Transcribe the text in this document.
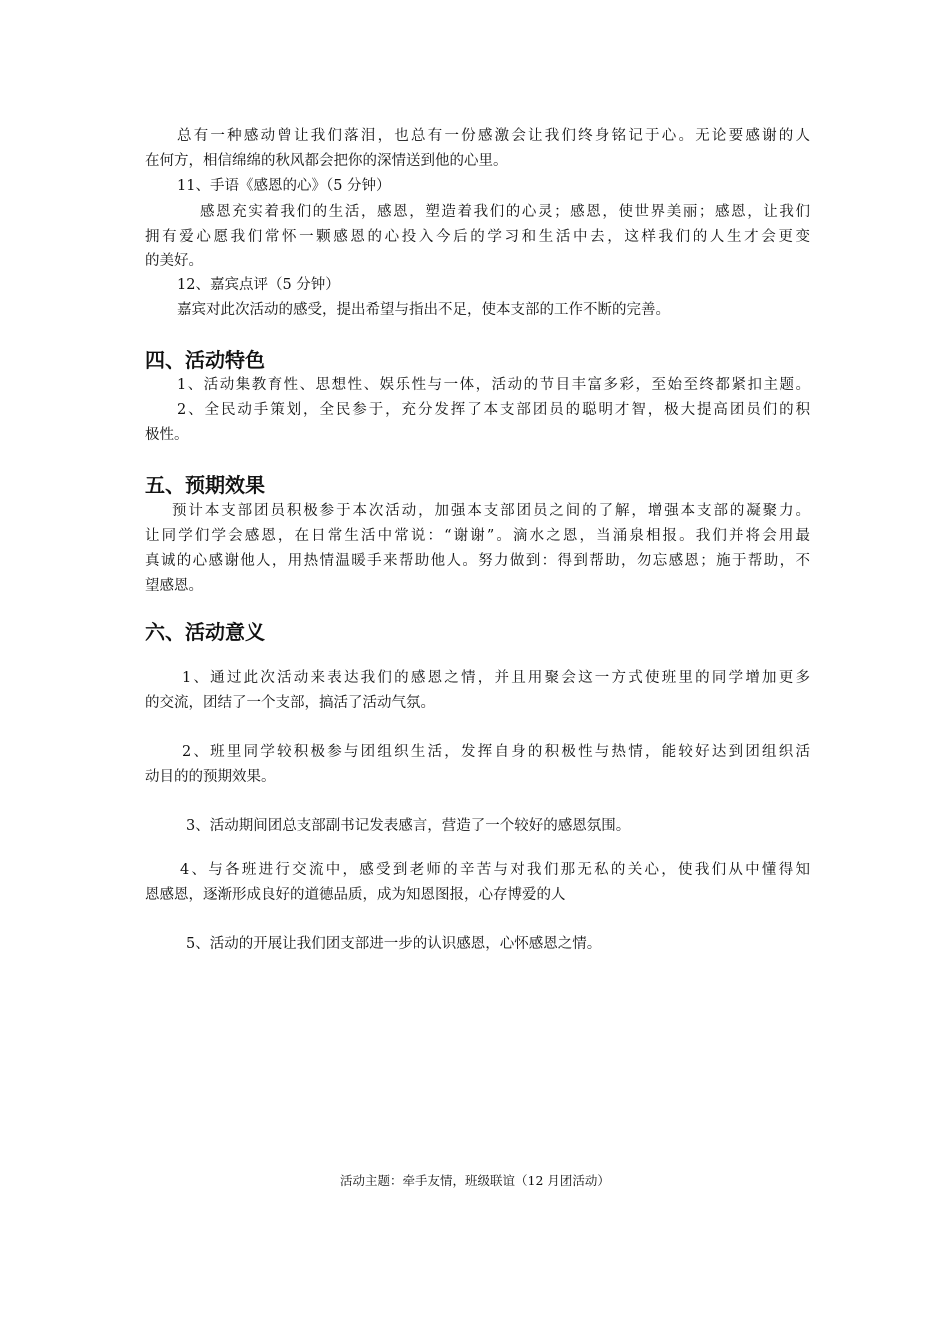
总有一种感动曾让我们落泪，也总有一份感激会让我们终身铭记于心。无论要感谢的人
在何方，相信绵绵的秋风都会把你的深情送到他的心里。
11、手语《感恩的心》（5 分钟）
感恩充实着我们的生活，感恩，塑造着我们的心灵；感恩，使世界美丽；感恩，让我们
拥有爱心愿我们常怀一颗感恩的心投入今后的学习和生活中去，这样我们的人生才会更变
的美好。
12、嘉宾点评（5 分钟）
嘉宾对此次活动的感受，提出希望与指出不足，使本支部的工作不断的完善。
四、活动特色
1、活动集教育性、思想性、娱乐性与一体，活动的节目丰富多彩，至始至终都紧扣主题。
2、全民动手策划，全民参于，充分发挥了本支部团员的聪明才智，极大提高团员们的积
极性。
五、预期效果
预计本支部团员积极参于本次活动，加强本支部团员之间的了解，增强本支部的凝聚力。
让同学们学会感恩，在日常生活中常说：“谢谢”。滴水之恩，当涌泉相报。我们并将会用最
真诚的心感谢他人，用热情温暖手来帮助他人。努力做到：得到帮助，勿忘感恩；施于帮助，不
望感恩。
六、活动意义
1、通过此次活动来表达我们的感恩之情，并且用聚会这一方式使班里的同学增加更多
的交流，团结了一个支部，搞活了活动气氛。
2、班里同学较积极参与团组织生活，发挥自身的积极性与热情，能较好达到团组织活
动目的的预期效果。
3、活动期间团总支部副书记发表感言，营造了一个较好的感恩氛围。
4、与各班进行交流中，感受到老师的辛苦与对我们那无私的关心，使我们从中懂得知
恩感恩，逐渐形成良好的道德品质，成为知恩图报，心存博爱的人
5、活动的开展让我们团支部进一步的认识感恩，心怀感恩之情。
活动主题：牵手友情，班级联谊（12 月团活动）
